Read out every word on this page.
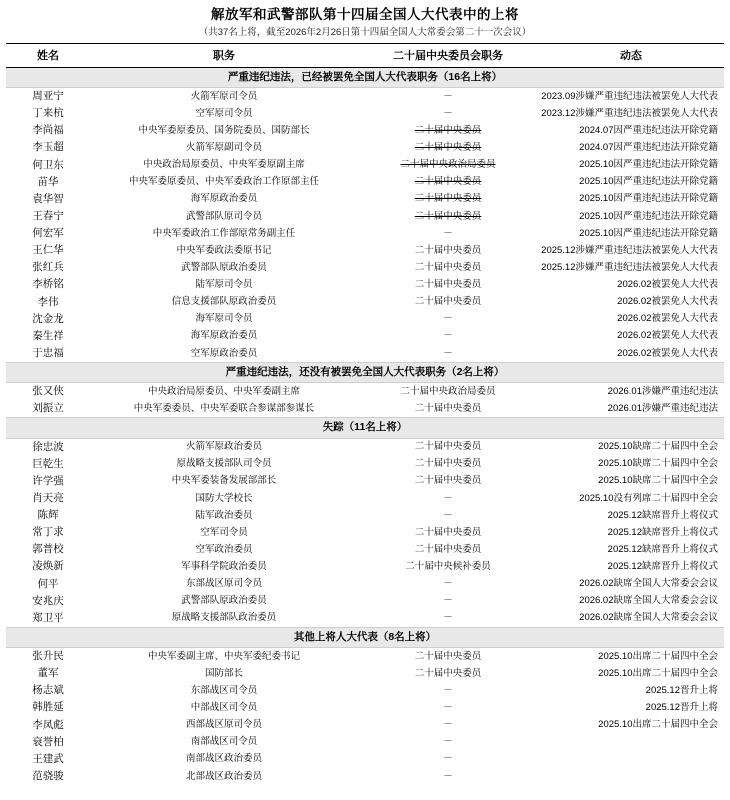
解放军和武警部队第十四届全国人大代表中的上将
（共37名上将，截至2026年2月26日第十四届全国人大常委会第二十一次会议）
姓名	职务	二十届中央委员会职务	动态
严重违纪违法，已经被罢免全国人大代表职务（16名上将）			
周亚宁	火箭军原司令员	－	2023.09涉嫌严重违纪违法被罢免人大代表
丁来杭	空军原司令员	－	2023.12涉嫌严重违纪违法被罢免人大代表
李尚福	中央军委原委员、国务院委员、国防部长	二十届中央委员	2024.07因严重违纪违法开除党籍
李玉超	火箭军原副司令员	二十届中央委员	2024.07因严重违纪违法开除党籍
何卫东	中央政治局原委员、中央军委原副主席	二十届中央政治局委员	2025.10因严重违纪违法开除党籍
苗华	中央军委原委员、中央军委政治工作原部主任	二十届中央委员	2025.10因严重违纪违法开除党籍
袁华智	海军原政治委员	二十届中央委员	2025.10因严重违纪违法开除党籍
王春宁	武警部队原司令员	二十届中央委员	2025.10因严重违纪违法开除党籍
何宏军	中央军委政治工作部原常务副主任	－	2025.10因严重违纪违法开除党籍
王仁华	中央军委政法委原书记	二十届中央委员	2025.12涉嫌严重违纪违法被罢免人大代表
张红兵	武警部队原政治委员	二十届中央委员	2025.12涉嫌严重违纪违法被罢免人大代表
李桥铭	陆军原司令员	二十届中央委员	2026.02被罢免人大代表
李伟	信息支援部队原政治委员	二十届中央委员	2026.02被罢免人大代表
沈金龙	海军原司令员	－	2026.02被罢免人大代表
秦生祥	海军原政治委员	－	2026.02被罢免人大代表
于忠福	空军原政治委员	－	2026.02被罢免人大代表
严重违纪违法，还没有被罢免全国人大代表职务（2名上将）			
张又侠	中央政治局原委员、中央军委副主席	二十届中央政治局委员	2026.01涉嫌严重违纪违法
刘振立	中央军委委员、中央军委联合参谋部参谋长	二十届中央委员	2026.01涉嫌严重违纪违法
失踪（11名上将）			
徐忠波	火箭军原政治委员	二十届中央委员	2025.10缺席二十届四中全会
巨乾生	原战略支援部队司令员	二十届中央委员	2025.10缺席二十届四中全会
许学强	中央军委装备发展部部长	二十届中央委员	2025.10缺席二十届四中全会
肖天亮	国防大学校长	－	2025.10没有列席二十届四中全会
陈辉	陆军政治委员	－	2025.12缺席晋升上将仪式
常丁求	空军司令员	二十届中央委员	2025.12缺席晋升上将仪式
郭普校	空军政治委员	二十届中央委员	2025.12缺席晋升上将仪式
凌焕新	军事科学院政治委员	二十届中央候补委员	2025.12缺席晋升上将仪式
何平	东部战区原司令员	－	2026.02缺席全国人大常委会会议
安兆庆	武警部队原政治委员	－	2026.02缺席全国人大常委会会议
郑卫平	原战略支援部队政治委员	－	2026.02缺席全国人大常委会会议
其他上将人大代表（8名上将）			
张升民	中央军委副主席、中央军委纪委书记	二十届中央委员	2025.10出席二十届四中全会
董军	国防部长	二十届中央委员	2025.10出席二十届四中全会
杨志斌	东部战区司令员	－	2025.12晋升上将
韩胜延	中部战区司令员	－	2025.12晋升上将
李凤彪	西部战区原司令员	－	2025.10出席二十届四中全会
衰誉柏	南部战区司令员	－	
王建武	南部战区政治委员	－	
范骁骏	北部战区政治委员	－	
